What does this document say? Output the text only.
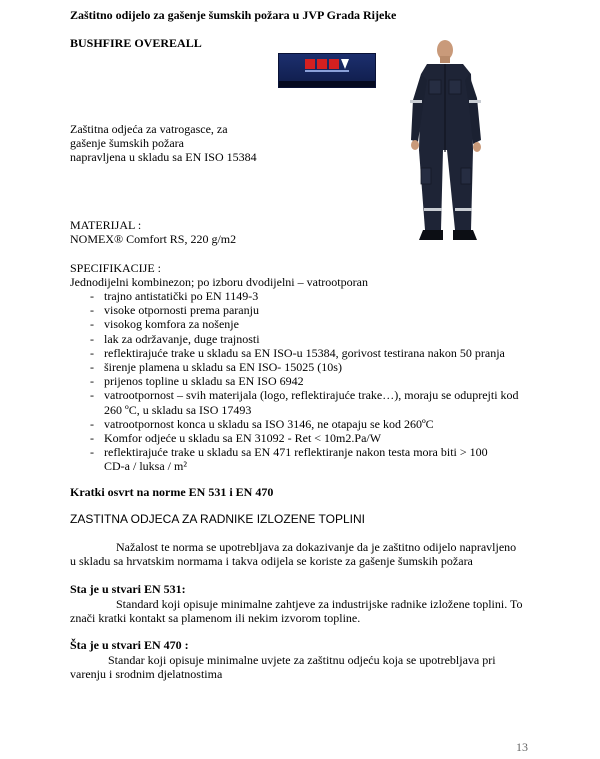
Zaštitno odijelo za gašenje šumskih požara u JVP Grada Rijeke
BUSHFIRE OVEREALL
Zaštitna odjeća za vatrogasce, za
gašenje šumskih požara
napravljena u skladu sa EN ISO 15384
MATERIJAL :
NOMEX® Comfort RS, 220 g/m2
SPECIFIKACIJE :
Jednodijelni kombinezon; po izboru dvodijelni – vatrootporan
- trajno antistatički po EN 1149-3
- visoke otpornosti prema paranju
- visokog komfora za nošenje
- lak za održavanje, duge trajnosti
- reflektirajuće trake u skladu sa EN ISO-u 15384, gorivost testirana nakon 50 pranja
- širenje plamena u skladu sa EN ISO- 15025 (10s)
- prijenos topline u skladu sa EN ISO 6942
- vatrootpornost – svih materijala (logo, reflektirajuće trake…), moraju se oduprejti kod
260 ºC, u skladu sa ISO 17493
- vatrootpornost konca u skladu sa ISO 3146, ne otapaju se kod 260ºC
- Komfor odjeće u skladu sa EN 31092 - Ret < 10m2.Pa/W
- reflektirajuće trake u skladu sa EN 471 reflektiranje nakon testa mora biti > 100
CD-a / luksa / m²
Kratki osvrt na norme EN 531 i EN 470
ZASTITNA ODJECA ZA RADNIKE IZLOZENE TOPLINI
Nažalost te norma se upotrebljava za dokazivanje da je zaštitno odijelo napravljeno
u skladu sa hrvatskim normama i takva odijela se koriste za gašenje šumskih požara
Sta je u stvari EN 531:
Standard koji opisuje minimalne zahtjeve za industrijske radnike izložene toplini. To
znači kratki kontakt sa plamenom ili nekim izvorom topline.
Šta je u stvari EN 470 :
Standar koji opisuje minimalne uvjete za zaštitnu odjeću koja se upotrebljava pri
varenju i srodnim djelatnostima
13
